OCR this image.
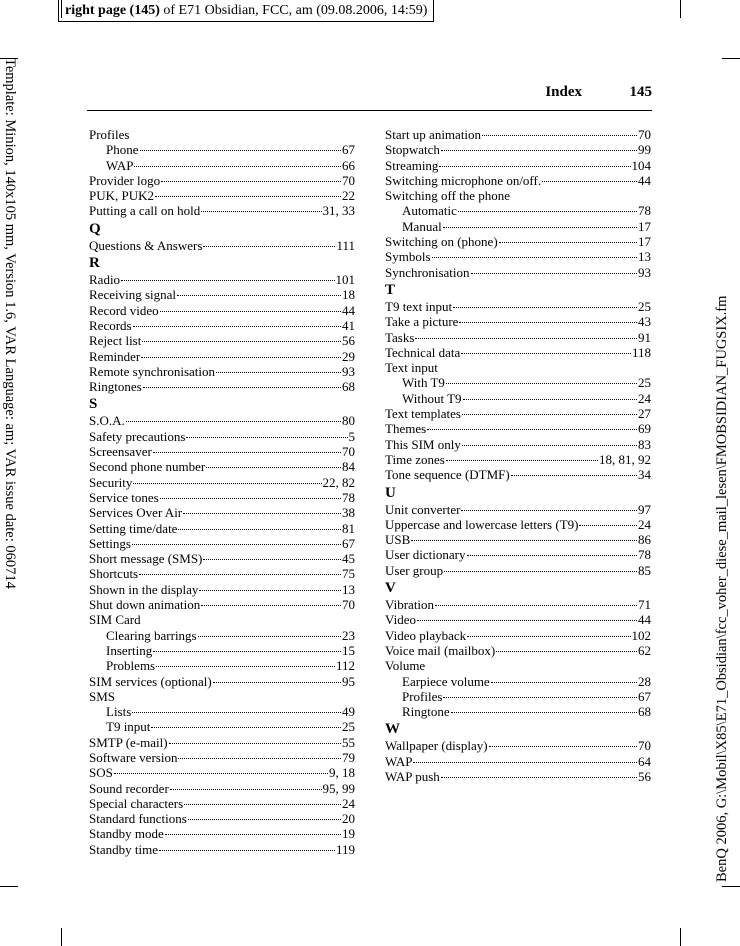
right page (145) of E71 Obsidian, FCC, am (09.08.2006, 14:59)
Template: Minion, 140x105 mm, Version 1.6, VAR Language: am; VAR issue date: 060714	BenQ 2006, G:\Mobil\X85\E71_Obsidian\fcc_voher_diese_mail_lesen\FMOBSIDIAN_FUGSIX.fm
Index	145
Profiles
Phone	67
WAP	66
Provider logo	70
PUK, PUK2	22
Putting a call on hold	31, 33
Q
Questions & Answers	111
R
Radio	101
Receiving signal	18
Record video	44
Records	41
Reject list	56
Reminder	29
Remote synchronisation	93
Ringtones	68
S
S.O.A.	80
Safety precautions	5
Screensaver	70
Second phone number	84
Security	22, 82
Service tones	78
Services Over Air	38
Setting time/date	81
Settings	67
Short message (SMS)	45
Shortcuts	75
Shown in the display	13
Shut down animation	70
SIM Card
Clearing barrings	23
Inserting	15
Problems	112
SIM services (optional)	95
SMS
Lists	49
T9 input	25
SMTP (e-mail)	55
Software version	79
SOS	9, 18
Sound recorder	95, 99
Special characters	24
Standard functions	20
Standby mode	19
Standby time	119
Start up animation	70
Stopwatch	99
Streaming	104
Switching microphone on/off.	44
Switching off the phone
Automatic	78
Manual	17
Switching on (phone)	17
Symbols	13
Synchronisation	93
T
T9 text input	25
Take a picture	43
Tasks	91
Technical data	118
Text input
With T9	25
Without T9	24
Text templates	27
Themes	69
This SIM only	83
Time zones	18, 81, 92
Tone sequence (DTMF)	34
U
Unit converter	97
Uppercase and lowercase letters (T9)	24
USB	86
User dictionary	78
User group	85
V
Vibration	71
Video	44
Video playback	102
Voice mail (mailbox)	62
Volume
Earpiece volume	28
Profiles	67
Ringtone	68
W
Wallpaper (display)	70
WAP	64
WAP push	56
